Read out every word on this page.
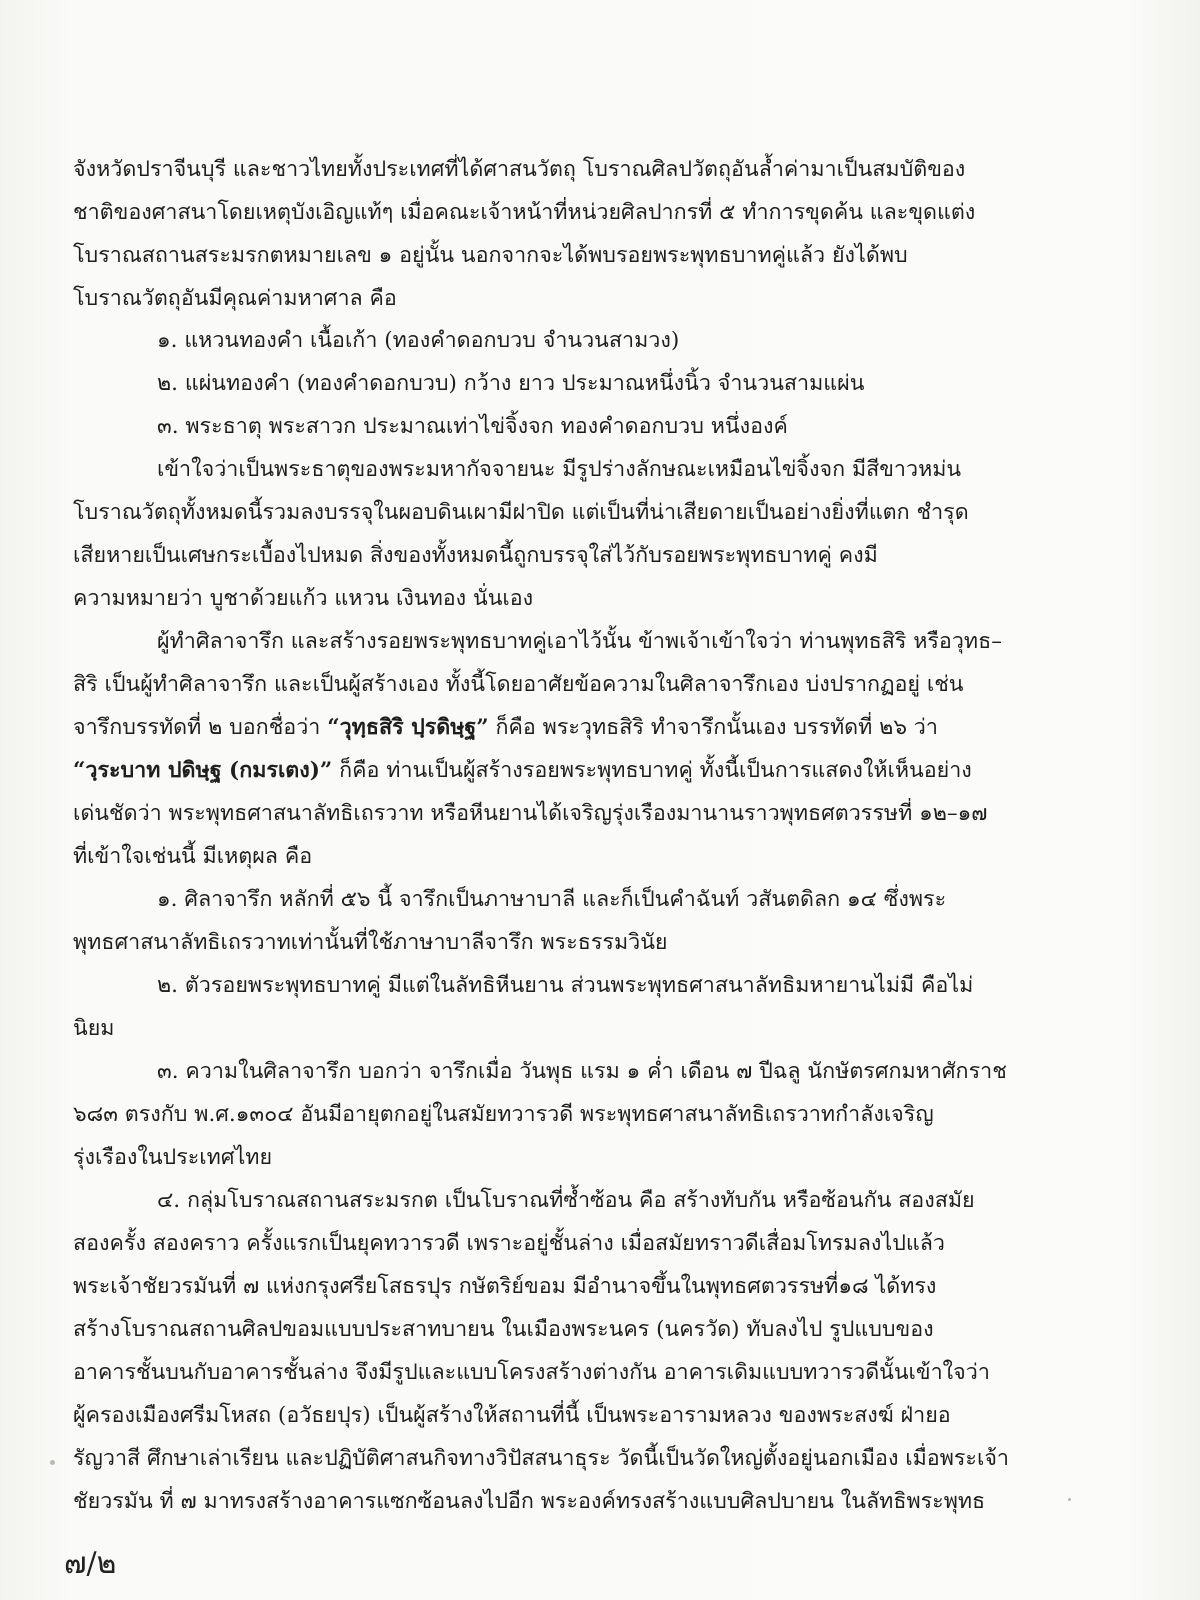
จังหวัดปราจีนบุรี และชาวไทยทั้งประเทศที่ได้ศาสนวัตถุ โบราณศิลปวัตถุอันล้ำค่ามาเป็นสมบัติของ
ชาติของศาสนาโดยเหตุบังเอิญแท้ๆ เมื่อคณะเจ้าหน้าที่หน่วยศิลปากรที่ ๕ ทำการขุดค้น และขุดแต่ง
โบราณสถานสระมรกตหมายเลข ๑ อยู่นั้น นอกจากจะได้พบรอยพระพุทธบาทคู่แล้ว ยังได้พบ
โบราณวัตถุอันมีคุณค่ามหาศาล คือ
๑. แหวนทองคำ เนื้อเก้า (ทองคำดอกบวบ จำนวนสามวง)
๒. แผ่นทองคำ (ทองคำดอกบวบ) กว้าง ยาว ประมาณหนึ่งนิ้ว จำนวนสามแผ่น
๓. พระธาตุ พระสาวก ประมาณเท่าไข่จิ้งจก ทองคำดอกบวบ หนึ่งองค์
เข้าใจว่าเป็นพระธาตุของพระมหากัจจายนะ มีรูปร่างลักษณะเหมือนไข่จิ้งจก มีสีขาวหม่น
โบราณวัตถุทั้งหมดนี้รวมลงบรรจุในผอบดินเผามีฝาปิด แต่เป็นที่น่าเสียดายเป็นอย่างยิ่งที่แตก ชำรุด
เสียหายเป็นเศษกระเบื้องไปหมด สิ่งของทั้งหมดนี้ถูกบรรจุใส่ไว้กับรอยพระพุทธบาทคู่ คงมี
ความหมายว่า บูชาด้วยแก้ว แหวน เงินทอง นั่นเอง
ผู้ทำศิลาจารึก และสร้างรอยพระพุทธบาทคู่เอาไว้นั้น ข้าพเจ้าเข้าใจว่า ท่านพุทธสิริ หรือวุทธ–
สิริ เป็นผู้ทำศิลาจารึก และเป็นผู้สร้างเอง ทั้งนี้โดยอาศัยข้อความในศิลาจารึกเอง บ่งปรากฏอยู่ เช่น
จารึกบรรทัดที่ ๒ บอกชื่อว่า “วุทฺธสิริ ปฺรดิษฺฐ” ก็คือ พระวุทธสิริ ทำจารึกนั้นเอง บรรทัดที่ ๒๖ ว่า
“วฺระบาท ปดิษฺฐ (กมรเตง)” ก็คือ ท่านเป็นผู้สร้างรอยพระพุทธบาทคู่ ทั้งนี้เป็นการแสดงให้เห็นอย่าง
เด่นชัดว่า พระพุทธศาสนาลัทธิเถรวาท หรือหีนยานได้เจริญรุ่งเรืองมานานราวพุทธศตวรรษที่ ๑๒–๑๗
ที่เข้าใจเช่นนี้ มีเหตุผล คือ
๑. ศิลาจารึก หลักที่ ๕๖ นี้ จารึกเป็นภาษาบาลี และก็เป็นคำฉันท์ วสันตดิลก ๑๔ ซึ่งพระ
พุทธศาสนาลัทธิเถรวาทเท่านั้นที่ใช้ภาษาบาลีจารึก พระธรรมวินัย
๒. ตัวรอยพระพุทธบาทคู่ มีแต่ในลัทธิหีนยาน ส่วนพระพุทธศาสนาลัทธิมหายานไม่มี คือไม่
นิยม
๓. ความในศิลาจารึก บอกว่า จารึกเมื่อ วันพุธ แรม ๑ ค่ำ เดือน ๗ ปีฉลู นักษัตรศกมหาศักราช
๖๘๓ ตรงกับ พ.ศ.๑๓๐๔ อันมีอายุตกอยู่ในสมัยทวารวดี พระพุทธศาสนาลัทธิเถรวาทกำลังเจริญ
รุ่งเรืองในประเทศไทย
๔. กลุ่มโบราณสถานสระมรกต เป็นโบราณที่ซ้ำซ้อน คือ สร้างทับกัน หรือซ้อนกัน สองสมัย
สองครั้ง สองคราว ครั้งแรกเป็นยุคทวารวดี เพราะอยู่ชั้นล่าง เมื่อสมัยทราวดีเสื่อมโทรมลงไปแล้ว
พระเจ้าชัยวรมันที่ ๗ แห่งกรุงศรียโสธรปุร กษัตริย์ขอม มีอำนาจขึ้นในพุทธศตวรรษที่๑๘ ได้ทรง
สร้างโบราณสถานศิลปขอมแบบประสาทบายน ในเมืองพระนคร (นครวัด) ทับลงไป รูปแบบของ
อาคารชั้นบนกับอาคารชั้นล่าง จึงมีรูปและแบบโครงสร้างต่างกัน อาคารเดิมแบบทวารวดีนั้นเข้าใจว่า
ผู้ครองเมืองศรีมโหสถ (อวัธยปุร) เป็นผู้สร้างให้สถานที่นี้ เป็นพระอารามหลวง ของพระสงฆ์ ฝ่ายอ
รัญวาสี ศึกษาเล่าเรียน และปฏิบัติศาสนกิจทางวิปัสสนาธุระ วัดนี้เป็นวัดใหญ่ตั้งอยู่นอกเมือง เมื่อพระเจ้า
ชัยวรมัน ที่ ๗ มาทรงสร้างอาคารแซกซ้อนลงไปอีก พระองค์ทรงสร้างแบบศิลปบายน ในลัทธิพระพุทธ
๗/๒
